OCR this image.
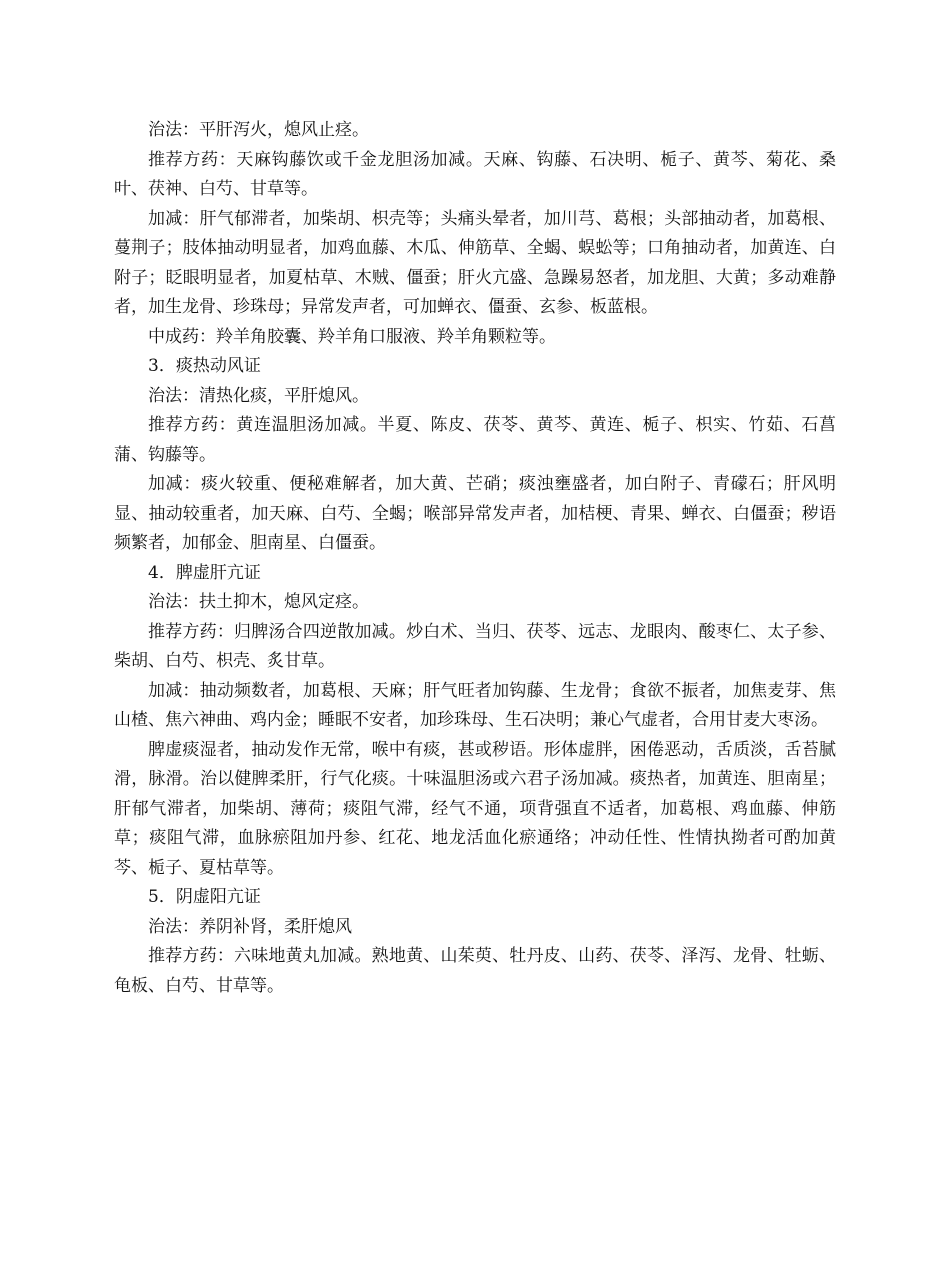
治法：平肝泻火，熄风止痉。

推荐方药：天麻钩藤饮或千金龙胆汤加减。天麻、钩藤、石决明、栀子、黄芩、菊花、桑叶、茯神、白芍、甘草等。

加减：肝气郁滞者，加柴胡、枳壳等；头痛头晕者，加川芎、葛根；头部抽动者，加葛根、蔓荆子；肢体抽动明显者，加鸡血藤、木瓜、伸筋草、全蝎、蜈蚣等；口角抽动者，加黄连、白附子；眨眼明显者，加夏枯草、木贼、僵蚕；肝火亢盛、急躁易怒者，加龙胆、大黄；多动难静者，加生龙骨、珍珠母；异常发声者，可加蝉衣、僵蚕、玄参、板蓝根。

中成药：羚羊角胶囊、羚羊角口服液、羚羊角颗粒等。

3．痰热动风证

治法：清热化痰，平肝熄风。

推荐方药：黄连温胆汤加减。半夏、陈皮、茯苓、黄芩、黄连、栀子、枳实、竹茹、石菖蒲、钩藤等。

加减：痰火较重、便秘难解者，加大黄、芒硝；痰浊壅盛者，加白附子、青礞石；肝风明显、抽动较重者，加天麻、白芍、全蝎；喉部异常发声者，加桔梗、青果、蝉衣、白僵蚕；秽语频繁者，加郁金、胆南星、白僵蚕。

4．脾虚肝亢证

治法：扶土抑木，熄风定痉。

推荐方药：归脾汤合四逆散加减。炒白术、当归、茯苓、远志、龙眼肉、酸枣仁、太子参、柴胡、白芍、枳壳、炙甘草。

加减：抽动频数者，加葛根、天麻；肝气旺者加钩藤、生龙骨；食欲不振者，加焦麦芽、焦山楂、焦六神曲、鸡内金；睡眠不安者，加珍珠母、生石决明；兼心气虚者，合用甘麦大枣汤。

脾虚痰湿者，抽动发作无常，喉中有痰，甚或秽语。形体虚胖，困倦恶动，舌质淡，舌苔腻滑，脉滑。治以健脾柔肝，行气化痰。十味温胆汤或六君子汤加减。痰热者，加黄连、胆南星；肝郁气滞者，加柴胡、薄荷；痰阻气滞，经气不通，项背强直不适者，加葛根、鸡血藤、伸筋草；痰阻气滞，血脉瘀阻加丹参、红花、地龙活血化瘀通络；冲动任性、性情执拗者可酌加黄芩、栀子、夏枯草等。

5．阴虚阳亢证

治法：养阴补肾，柔肝熄风

推荐方药：六味地黄丸加减。熟地黄、山茱萸、牡丹皮、山药、茯苓、泽泻、龙骨、牡蛎、龟板、白芍、甘草等。
